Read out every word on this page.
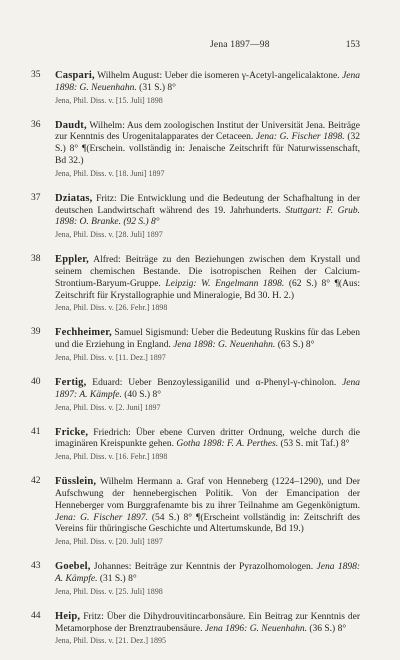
Jena 1897—98	153
35	Caspari, Wilhelm August: Ueber die isomeren γ-Acetyl-angelicalaktone. Jena 1898: G. Neuenhahn. (31 S.) 8°
Jena, Phil. Diss. v. [15. Juli] 1898
36	Daudt, Wilhelm: Aus dem zoologischen Institut der Universität Jena. Beiträge zur Kenntnis des Urogenitalapparates der Cetaceen. Jena: G. Fischer 1898. (32 S.) 8° ¶(Erschein. vollständig in: Jenaische Zeitschrift für Naturwissenschaft, Bd 32.)
Jena, Phil. Diss. v. [18. Juni] 1897
37	Dziatas, Fritz: Die Entwicklung und die Bedeutung der Schafhaltung in der deutschen Landwirtschaft während des 19. Jahrhunderts. Stuttgart: F. Grub. 1898: O. Branke. (92 S.) 8°
Jena, Phil. Diss. v. [28. Juli] 1897
38	Eppler, Alfred: Beiträge zu den Beziehungen zwischen dem Krystall und seinem chemischen Bestande. Die isotropischen Reihen der Calcium-Strontium-Baryum-Gruppe. Leipzig: W. Engelmann 1898. (62 S.) 8° ¶(Aus: Zeitschrift für Krystallographie und Mineralogie, Bd 30. H. 2.)
Jena, Phil. Diss. v. [26. Febr.] 1898
39	Fechheimer, Samuel Sigismund: Ueber die Bedeutung Ruskins für das Leben und die Erziehung in England. Jena 1898: G. Neuenhahn. (63 S.) 8°
Jena, Phil. Diss. v. [11. Dez.] 1897
40	Fertig, Eduard: Ueber Benzoylessiganilid und α-Phenyl-γ-chinolon. Jena 1897: A. Kämpfe. (40 S.) 8°
Jena, Phil. Diss. v. [2. Juni] 1897
41	Fricke, Friedrich: Über ebene Curven dritter Ordnung, welche durch die imaginären Kreispunkte gehen. Gotha 1898: F. A. Perthes. (53 S. mit Taf.) 8°
Jena, Phil. Diss. v. [16. Febr.] 1898
42	Füsslein, Wilhelm Hermann a. Graf von Henneberg (1224–1290), und Der Aufschwung der hennebergischen Politik. Von der Emancipation der Henneberger vom Burggrafenamte bis zu ihrer Teilnahme am Gegenkönigtum. Jena: G. Fischer 1897. (54 S.) 8° ¶(Erscheint vollständig in: Zeitschrift des Vereins für thüringische Geschichte und Altertumskunde, Bd 19.)
Jena, Phil. Diss. v. [20. Juli] 1897
43	Goebel, Johannes: Beiträge zur Kenntnis der Pyrazolhomologen. Jena 1898: A. Kämpfe. (31 S.) 8°
Jena, Phil. Diss. v. [25. Juli] 1898
44	Heip, Fritz: Über die Dihydrouvitincarbonsäure. Ein Beitrag zur Kenntnis der Metamorphose der Brenztraubensäure. Jena 1896: G. Neuenhahn. (36 S.) 8°
Jena, Phil. Diss. v. [21. Dez.] 1895
